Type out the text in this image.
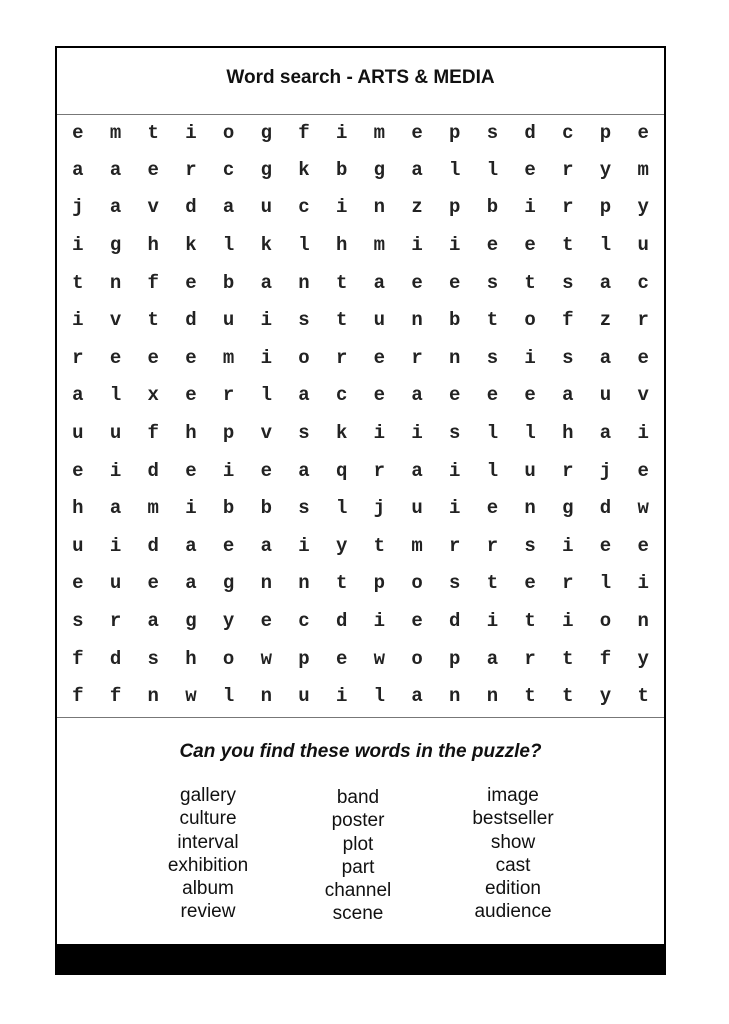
Word search - ARTS & MEDIA
e	m	t	i	o	g	f	i	m	e	p	s	d	c	p	e
a	a	e	r	c	g	k	b	g	a	l	l	e	r	y	m
j	a	v	d	a	u	c	i	n	z	p	b	i	r	p	y
i	g	h	k	l	k	l	h	m	i	i	e	e	t	l	u
t	n	f	e	b	a	n	t	a	e	e	s	t	s	a	c
i	v	t	d	u	i	s	t	u	n	b	t	o	f	z	r
r	e	e	e	m	i	o	r	e	r	n	s	i	s	a	e
a	l	x	e	r	l	a	c	e	a	e	e	e	a	u	v
u	u	f	h	p	v	s	k	i	i	s	l	l	h	a	i
e	i	d	e	i	e	a	q	r	a	i	l	u	r	j	e
h	a	m	i	b	b	s	l	j	u	i	e	n	g	d	w
u	i	d	a	e	a	i	y	t	m	r	r	s	i	e	e
e	u	e	a	g	n	n	t	p	o	s	t	e	r	l	i
s	r	a	g	y	e	c	d	i	e	d	i	t	i	o	n
f	d	s	h	o	w	p	e	w	o	p	a	r	t	f	y
f	f	n	w	l	n	u	i	l	a	n	n	t	t	y	t
Can you find these words in the puzzle?
gallery
culture
interval
exhibition
album
review
band
poster
plot
part
channel
scene
image
bestseller
show
cast
edition
audience
